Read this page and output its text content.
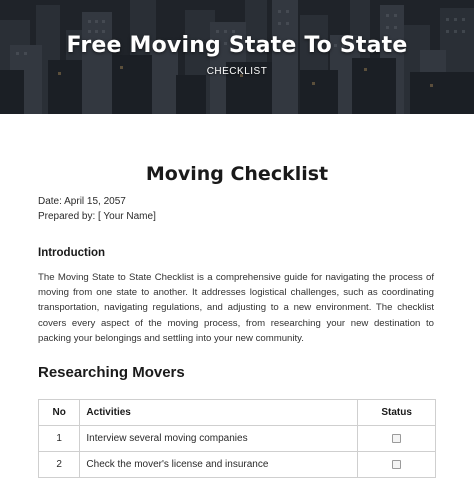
Free Moving State To State
CHECKLIST
Moving Checklist
Date: April 15, 2057
Prepared by: [ Your Name]
Introduction
The Moving State to State Checklist is a comprehensive guide for navigating the process of moving from one state to another. It addresses logistical challenges, such as coordinating transportation, navigating regulations, and adjusting to a new environment. The checklist covers every aspect of the moving process, from researching your new destination to packing your belongings and settling into your new community.
Researching Movers
No	Activities	Status
1	Interview several moving companies	
2	Check the mover's license and insurance	
